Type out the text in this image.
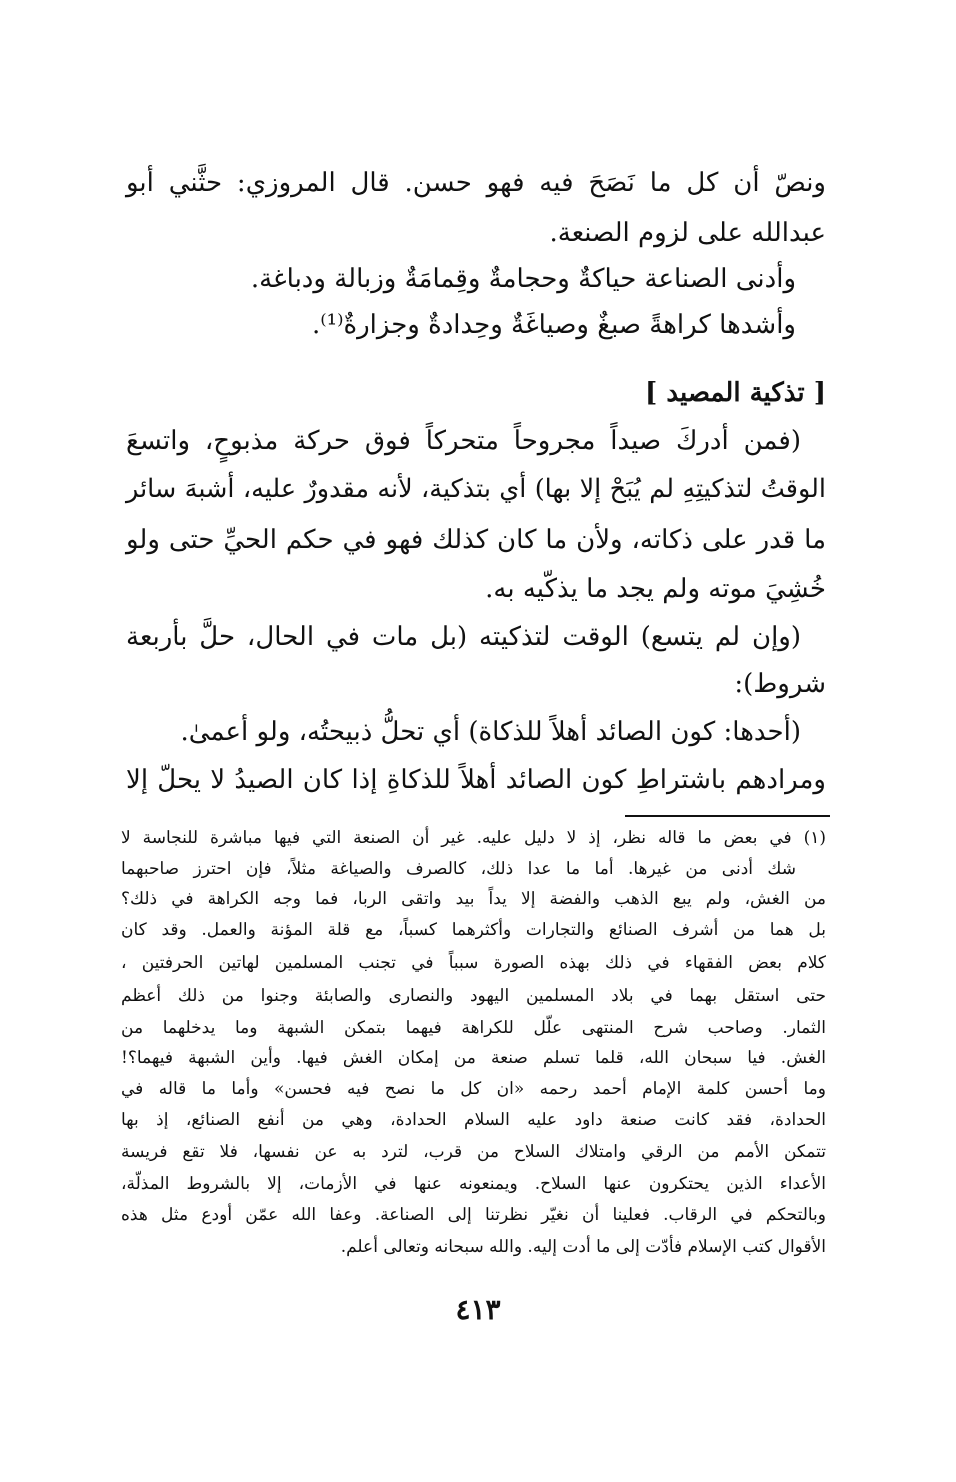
ونصّ أن كل ما نَصَحَ فيه فهو حسن. قال المروزي: حثَّني أبو
عبدالله على لزوم الصنعة.
وأدنى الصناعة حياكةٌ وحجامةٌ وقِمامَةٌ وزبالة ودباغة.
وأشدها كراهةً صبغٌ وصياغَةٌ وحِدادةٌ وجزارةٌ⁽¹⁾.
[ تذكية المصيد ]
(فمن أدركَ صيداً مجروحاً متحركاً فوق حركة مذبوحٍ، واتسعَ
الوقتُ لتذكيتِهِ لم يُبَحْ إلا بها) أي بتذكية، لأنه مقدورٌ عليه، أشبهَ سائر
ما قدر على ذكاته، ولأن ما كان كذلك فهو في حكم الحيِّ حتى ولو
خُشِيَ موته ولم يجد ما يذكّيه به.
(وإن لم يتسع) الوقت لتذكيته (بل مات في الحال، حلَّ بأربعة
شروط):
(أحدها: كون الصائد أهلاً للذكاة) أي تحلُّ ذبيحتُه، ولو أعمىٰ.
ومرادهم باشتراطِ كون الصائد أهلاً للذكاةِ إذا كان الصيدُ لا يحلّ إلا
(١) في بعض ما قاله نظر، إذ لا دليل عليه. غير أن الصنعة التي فيها مباشرة للنجاسة لا
شك أدنى من غيرها. أما ما عدا ذلك، كالصرف والصياغة مثلاً، فإن احترز صاحبهما
من الغش، ولم يبع الذهب والفضة إلا يداً بيد واتقى الربا، فما وجه الكراهة في ذلك؟
بل هما من أشرف الصنائع والتجارات وأكثرهما كسباً، مع قلة المؤنة والعمل. وقد كان
كلام بعض الفقهاء في ذلك بهذه الصورة سبباً في تجنب المسلمين لهاتين الحرفتين ،
حتى استقل بهما في بلاد المسلمين اليهود والنصارى والصابئة وجنوا من ذلك أعظم
الثمار. وصاحب شرح المنتهى علّل للكراهة فيهما بتمكن الشبهة وما يدخلهما من
الغش. فيا سبحان الله، قلما تسلم صنعة من إمكان الغش فيها. وأين الشبهة فيهما؟!
وما أحسن كلمة الإمام أحمد رحمه «ان كل ما نصح فيه فحسن» وأما ما قاله في
الحدادة، فقد كانت صنعة داود عليه السلام الحدادة، وهي من أنفع الصنائع، إذ بها
تتمكن الأمم من الرقي وامتلاك السلاح من قرب، لترد به عن نفسها، فلا تقع فريسة
الأعداء الذين يحتكرون عنها السلاح. ويمنعونه عنها في الأزمات، إلا بالشروط المذلّة،
وبالتحكم في الرقاب. فعلينا أن نغيّر نظرتنا إلى الصناعة. وعفا الله عمّن أودع مثل هذه
الأقوال كتب الإسلام فأدّت إلى ما أدت إليه. والله سبحانه وتعالى أعلم.
٤١٣
